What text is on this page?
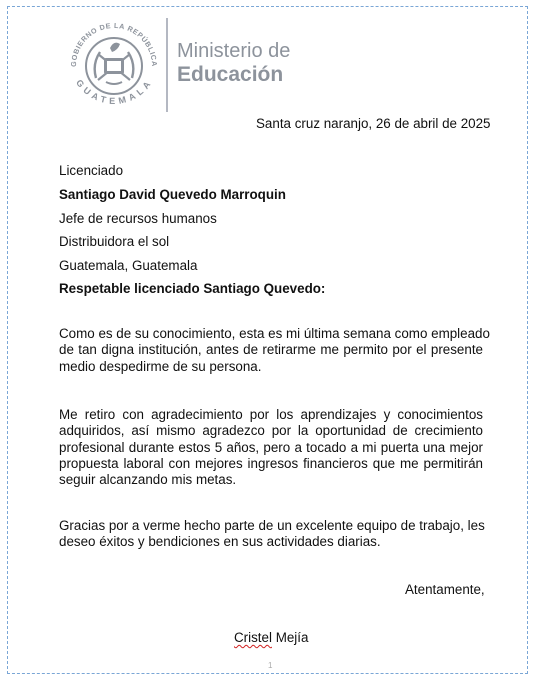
GOBIERNO DE LA REPÚBLICA
GUATEMALA
Ministerio de
Educación
Santa cruz naranjo, 26 de abril de 2025
Licenciado
Santiago David Quevedo Marroquin
Jefe de recursos humanos
Distribuidora el sol
Guatemala, Guatemala
Respetable licenciado Santiago Quevedo:
Como es de su conocimiento, esta es mi última semana como empleado
de tan digna institución, antes de retirarme me permito por el presente
medio despedirme de su persona.
Me retiro con agradecimiento por los aprendizajes y conocimientos
adquiridos, así mismo agradezco por la oportunidad de crecimiento
profesional durante estos 5 años, pero a tocado a mi puerta una mejor
propuesta laboral con mejores ingresos financieros que me permitirán
seguir alcanzando mis metas.
Gracias por a verme hecho parte de un excelente equipo de trabajo, les
deseo éxitos y bendiciones en sus actividades diarias.
Atentamente,
Cristel Mejía
1
